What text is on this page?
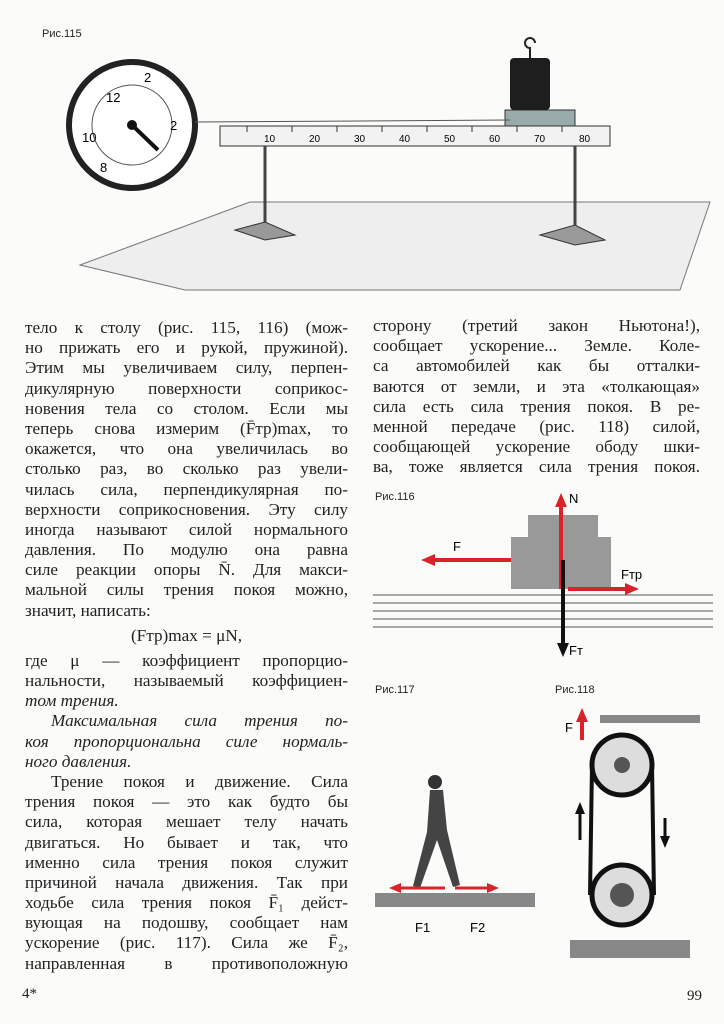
Рис.115
10	20	30	40	50	60	70	80
12
10
8
2
2
тело к столу (рис. 115, 116) (мож-
но прижать его и рукой, пружиной).
Этим мы увеличиваем силу, перпен-
дикулярную поверхности соприкос-
новения тела со столом. Если мы
теперь снова измерим (F̄тр)max, то
окажется, что она увеличилась во
столько раз, во сколько раз увели-
чилась сила, перпендикулярная по-
верхности соприкосновения. Эту силу
иногда называют силой нормального
давления. По модулю она равна
силе реакции опоры N̄. Для макси-
мальной силы трения покоя можно,
значит, написать:
(Fтр)max = μN,
где μ — коэффициент пропорцио-
нальности, называемый коэффициен-
том трения.
Максимальная сила трения по-
коя пропорциональна силе нормаль-
ного давления.
Трение покоя и движение. Сила
трения покоя — это как будто бы
сила, которая мешает телу начать
двигаться. Но бывает и так, что
именно сила трения покоя служит
причиной начала движения. Так при
ходьбе сила трения покоя F̄₁ дейст-
вующая на подошву, сообщает нам
ускорение (рис. 117). Сила же F̄₂,
направленная в противоположную
сторону (третий закон Ньютона!),
сообщает ускорение... Земле. Коле-
са автомобилей как бы отталки-
ваются от земли, и эта «толкающая»
сила есть сила трения покоя. В ре-
менной передаче (рис. 118) силой,
сообщающей ускорение ободу шки-
ва, тоже является сила трения покоя.
Рис.116	N
F
Fтр
Fт
Рис.117
F1	F2
Рис.118
F
4*	99
